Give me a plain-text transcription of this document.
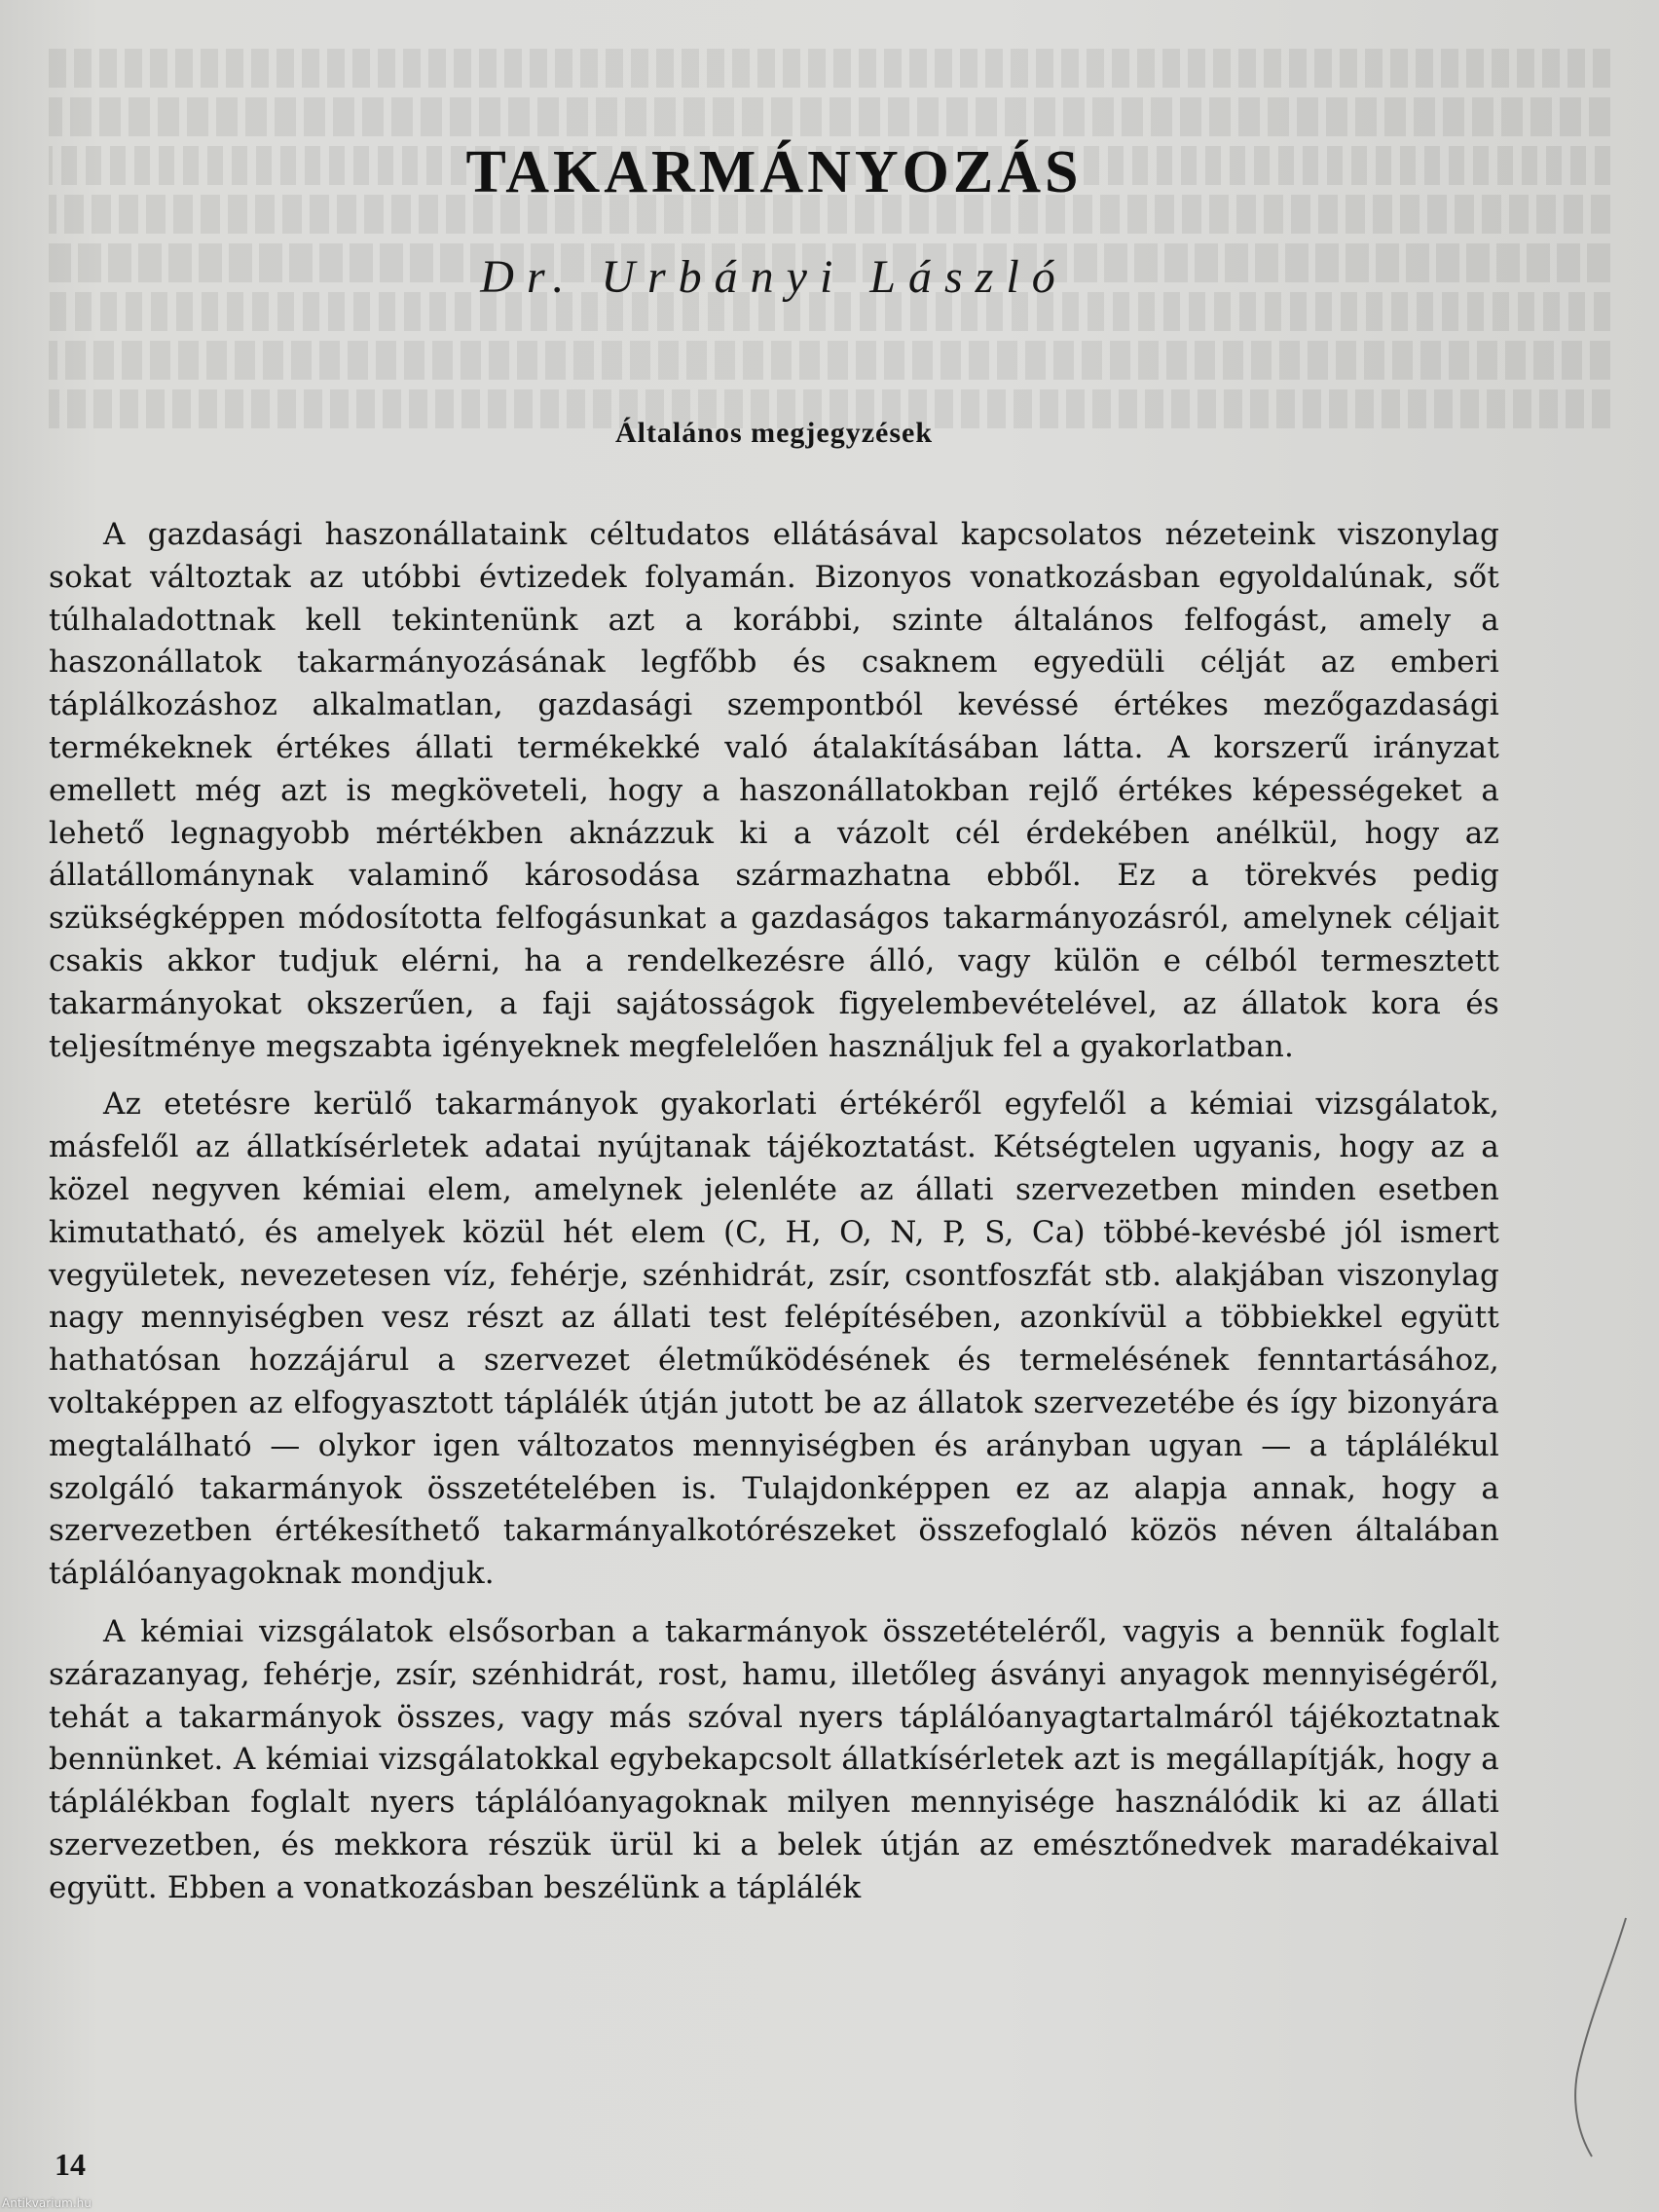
TAKARMÁNYOZÁS
Dr. Urbányi László
Általános megjegyzések

A gazdasági haszonállataink céltudatos ellátásával kapcsolatos nézeteink viszonylag sokat változtak az utóbbi évtizedek folyamán. Bizonyos vonatkozásban egyoldalúnak, sőt túlhaladottnak kell tekintenünk azt a korábbi, szinte általános felfogást, amely a haszonállatok takarmányozásának legfőbb és csaknem egyedüli célját az emberi táplálkozáshoz alkalmatlan, gazdasági szempontból kevéssé értékes mezőgazdasági termékeknek értékes állati termékekké való átalakításában látta. A korszerű irányzat emellett még azt is megköveteli, hogy a haszonállatokban rejlő értékes képességeket a lehető legnagyobb mértékben aknázzuk ki a vázolt cél érdekében anélkül, hogy az állatállománynak valaminő károsodása származhatna ebből. Ez a törekvés pedig szükségképpen módosította felfogásunkat a gazdaságos takarmányozásról, amelynek céljait csakis akkor tudjuk elérni, ha a rendelkezésre álló, vagy külön e célból termesztett takarmányokat okszerűen, a faji sajátosságok figyelembevételével, az állatok kora és teljesítménye megszabta igényeknek megfelelően használjuk fel a gyakorlatban.

Az etetésre kerülő takarmányok gyakorlati értékéről egyfelől a kémiai vizsgálatok, másfelől az állatkísérletek adatai nyújtanak tájékoztatást. Kétségtelen ugyanis, hogy az a közel negyven kémiai elem, amelynek jelenléte az állati szervezetben minden esetben kimutatható, és amelyek közül hét elem (C, H, O, N, P, S, Ca) többé-kevésbé jól ismert vegyületek, nevezetesen víz, fehérje, szénhidrát, zsír, csontfoszfát stb. alakjában viszonylag nagy mennyiségben vesz részt az állati test felépítésében, azonkívül a többiekkel együtt hathatósan hozzájárul a szervezet életműködésének és termelésének fenntartásához, voltaképpen az elfogyasztott táplálék útján jutott be az állatok szervezetébe és így bizonyára megtalálható — olykor igen változatos mennyiségben és arányban ugyan — a táplálékul szolgáló takarmányok összetételében is. Tulajdonképpen ez az alapja annak, hogy a szervezetben értékesíthető takarmányalkotórészeket összefoglaló közös néven általában táplálóanyagoknak mondjuk.

A kémiai vizsgálatok elsősorban a takarmányok összetételéről, vagyis a bennük foglalt szárazanyag, fehérje, zsír, szénhidrát, rost, hamu, illetőleg ásványi anyagok mennyiségéről, tehát a takarmányok összes, vagy más szóval nyers táplálóanyagtartalmáról tájékoztatnak bennünket. A kémiai vizsgálatokkal egybekapcsolt állatkísérletek azt is megállapítják, hogy a táplálékban foglalt nyers táplálóanyagoknak milyen mennyisége használódik ki az állati szervezetben, és mekkora részük ürül ki a belek útján az emésztőnedvek maradékaival együtt. Ebben a vonatkozásban beszélünk a táplálék

14
Antikvarium.hu
